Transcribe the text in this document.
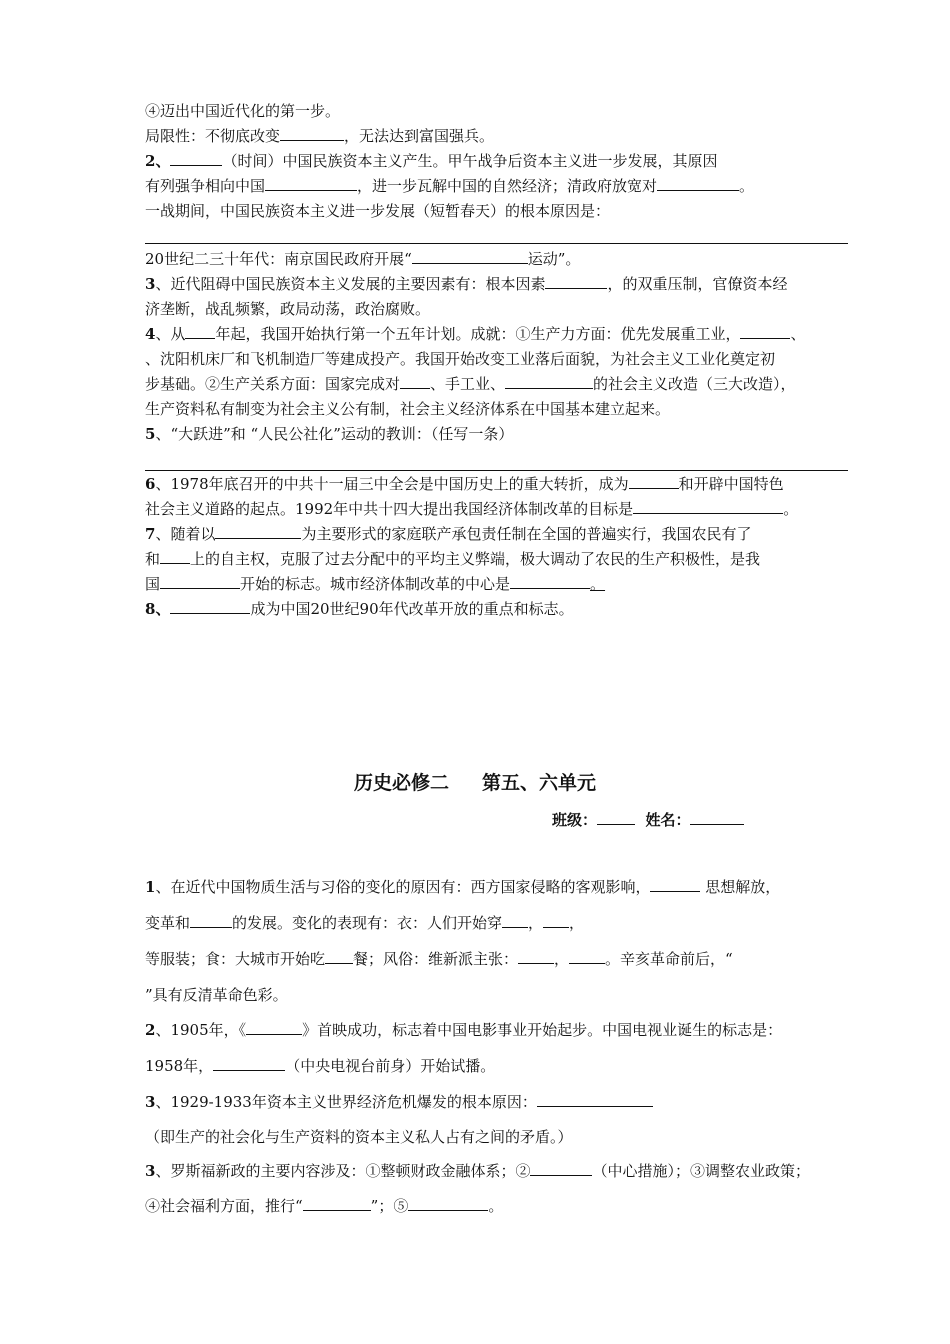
④迈出中国近代化的第一步。
局限性：不彻底改变	，无法达到富国强兵。
2、	（时间）中国民族资本主义产生。甲午战争后资本主义进一步发展，其原因
有列强争相向中国	，进一步瓦解中国的自然经济；清政府放宽对	。
一战期间，中国民族资本主义进一步发展（短暂春天）的根本原因是：
20世纪二三十年代：南京国民政府开展“	运动”。
3、近代阻碍中国民族资本主义发展的主要因素有：根本因素	，的双重压制，官僚资本经
济垄断，战乱频繁，政局动荡，政治腐败。
4、从 年起，我国开始执行第一个五年计划。成就：①生产力方面：优先发展重工业，	、
、沈阳机床厂和飞机制造厂等建成投产。我国开始改变工业落后面貌，为社会主义工业化奠定初
步基础。②生产关系方面：国家完成对 、手工业、	的社会主义改造（三大改造），
生产资料私有制变为社会主义公有制，社会主义经济体系在中国基本建立起来。
5、“大跃进”和 “人民公社化”运动的教训：（任写一条）
6、1978年底召开的中共十一届三中全会是中国历史上的重大转折，成为	和开辟中国特色
社会主义道路的起点。1992年中共十四大提出我国经济体制改革的目标是	。
7、随着以	为主要形式的家庭联产承包责任制在全国的普遍实行，我国农民有了
和 上的自主权，克服了过去分配中的平均主义弊端，极大调动了农民的生产积极性，是我
国	开始的标志。城市经济体制改革的中心是	。
8、	成为中国20世纪90年代改革开放的重点和标志。
历史必修二     第五、六单元
班级：	姓名：
1、在近代中国物质生活与习俗的变化的原因有：西方国家侵略的客观影响，	思想解放，
变革和	的发展。变化的表现有：衣：人们开始穿 ， ，
等服装；食：大城市开始吃 餐；风俗：维新派主张： ， 。辛亥革命前后，“
”具有反清革命色彩。
2、1905年，《	》首映成功，标志着中国电影事业开始起步。中国电视业诞生的标志是：
1958年，	（中央电视台前身）开始试播。
3、1929-1933年资本主义世界经济危机爆发的根本原因：
（即生产的社会化与生产资料的资本主义私人占有之间的矛盾。）
3、罗斯福新政的主要内容涉及：①整顿财政金融体系；②	（中心措施）；③调整农业政策；
④社会福利方面，推行“	”；⑤	。
